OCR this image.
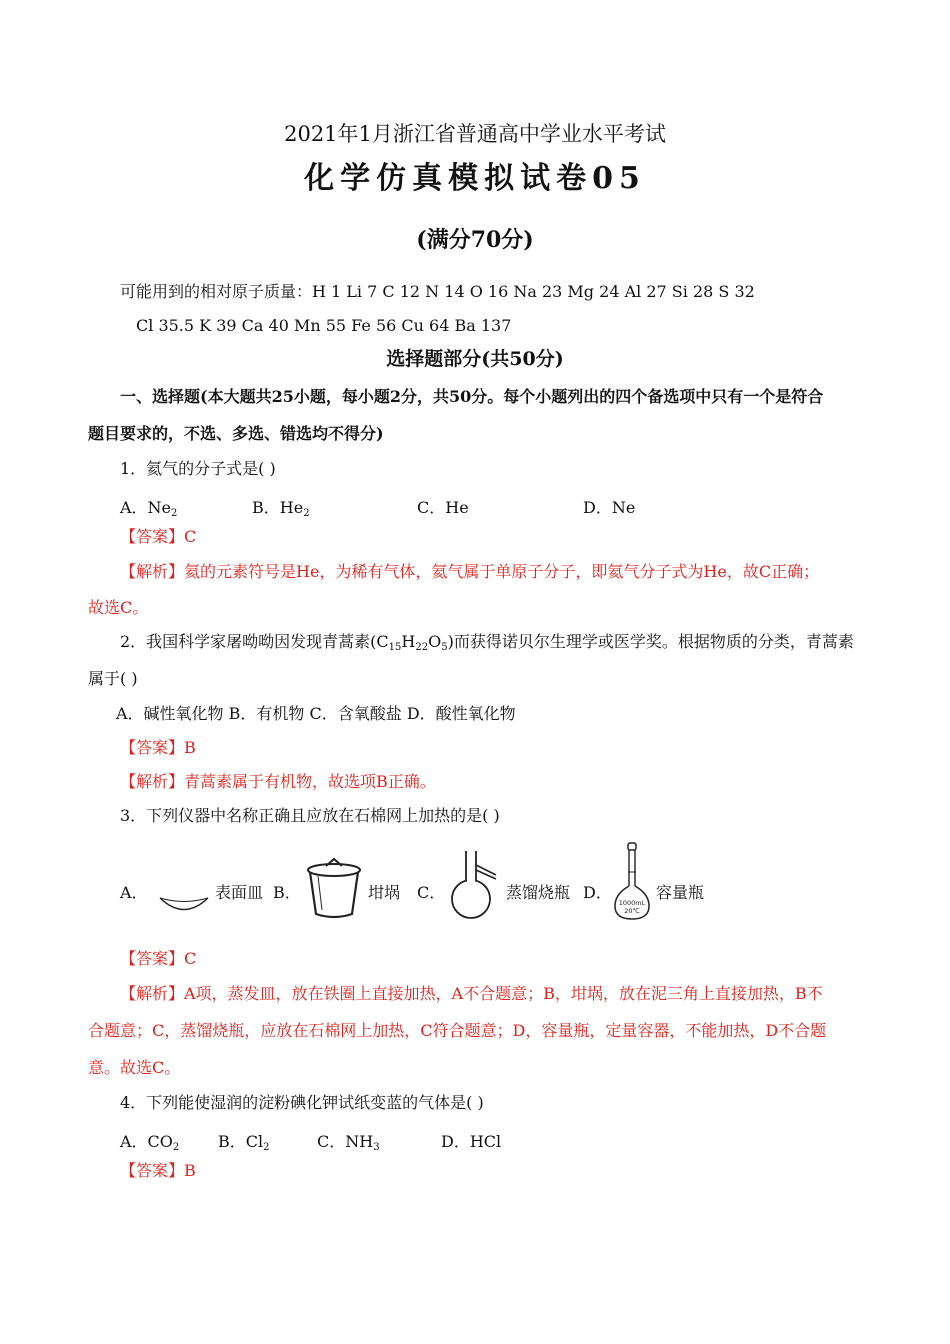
2021年1月浙江省普通高中学业水平考试
化学仿真模拟试卷05
(满分70分)
可能用到的相对原子质量：H 1 Li 7 C 12 N 14 O 16 Na 23 Mg 24 Al 27 Si 28 S 32
Cl 35.5 K 39 Ca 40 Mn 55 Fe 56 Cu 64 Ba 137
选择题部分(共50分)
一、选择题(本大题共25小题，每小题2分，共50分。每个小题列出的四个备选项中只有一个是符合
题目要求的，不选、多选、错选均不得分)
1．氦气的分子式是( )
A．$Ne_2$	B．$He_2$	C．He	D．Ne
【答案】C
【解析】氦的元素符号是He，为稀有气体，氦气属于单原子分子，即氦气分子式为He，故C正确；
故选C。
2．我国科学家屠呦呦因发现青蒿素$(C_{15}H_{22}O_5)$而获得诺贝尔生理学或医学奖。根据物质的分类，青蒿素
属于( )
A．碱性氧化物 B．有机物 C．含氧酸盐 D．酸性氧化物
【答案】B
【解析】青蒿素属于有机物，故选项B正确。
3．下列仪器中名称正确且应放在石棉网上加热的是( )
A．	表面皿 B．	坩埚 C．	蒸馏烧瓶 D．
1000mL
20℃
容量瓶
【答案】C
【解析】A项，蒸发皿，放在铁圈上直接加热，A不合题意；B，坩埚，放在泥三角上直接加热，B不
合题意；C，蒸馏烧瓶，应放在石棉网上加热，C符合题意；D，容量瓶，定量容器，不能加热，D不合题
意。故选C。
4．下列能使湿润的淀粉碘化钾试纸变蓝的气体是( )
A．$CO_2$ B．$Cl_2$	C．$NH_3$	D．HCl
【答案】B
